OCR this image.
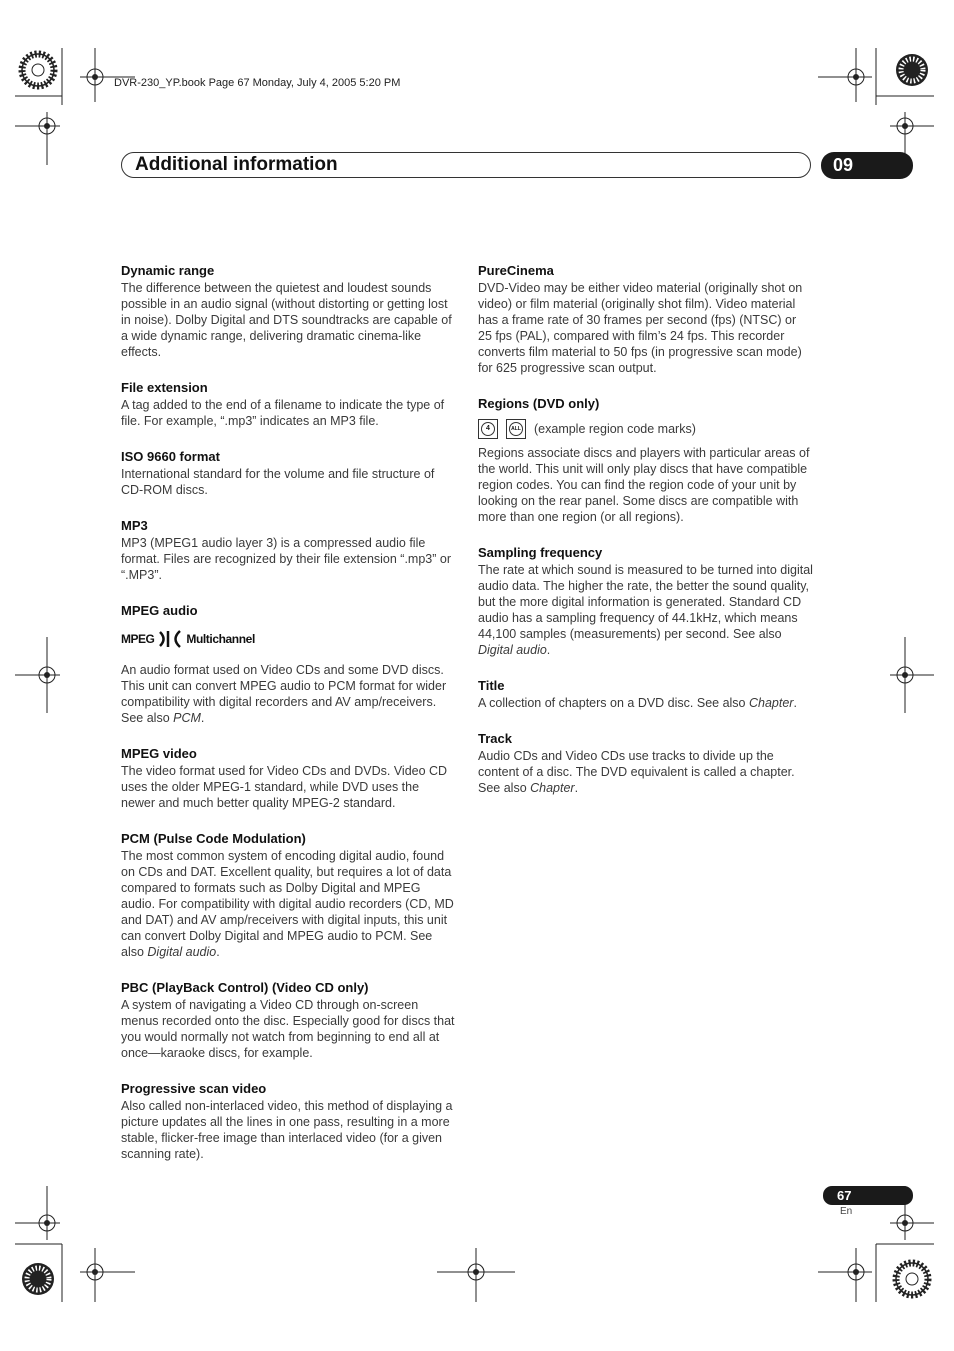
DVR-230_YP.book Page 67 Monday, July 4, 2005 5:20 PM
Additional information	09
Dynamic range

The difference between the quietest and loudest sounds possible in an audio signal (without distorting or getting lost in noise). Dolby Digital and DTS soundtracks are capable of a wide dynamic range, delivering dramatic cinema-like effects.

File extension

A tag added to the end of a filename to indicate the type of file. For example, “.mp3” indicates an MP3 file.

ISO 9660 format

International standard for the volume and file structure of CD-ROM discs.

MP3

MP3 (MPEG1 audio layer 3) is a compressed audio file format. Files are recognized by their file extension “.mp3” or “.MP3”.

MPEG audio
MPEG	Multichannel

An audio format used on Video CDs and some DVD discs. This unit can convert MPEG audio to PCM format for wider compatibility with digital recorders and AV amp/receivers. See also PCM.

MPEG video

The video format used for Video CDs and DVDs. Video CD uses the older MPEG-1 standard, while DVD uses the newer and much better quality MPEG-2 standard.

PCM (Pulse Code Modulation)

The most common system of encoding digital audio, found on CDs and DAT. Excellent quality, but requires a lot of data compared to formats such as Dolby Digital and MPEG audio. For compatibility with digital audio recorders (CD, MD and DAT) and AV amp/receivers with digital inputs, this unit can convert Dolby Digital and MPEG audio to PCM. See also Digital audio.

PBC (PlayBack Control) (Video CD only)

A system of navigating a Video CD through on-screen menus recorded onto the disc. Especially good for discs that you would normally not watch from beginning to end all at once—karaoke discs, for example.

Progressive scan video

Also called non-interlaced video, this method of displaying a picture updates all the lines in one pass, resulting in a more stable, flicker-free image than interlaced video (for a given scanning rate).

PureCinema

DVD-Video may be either video material (originally shot on video) or film material (originally shot film). Video material has a frame rate of 30 frames per second (fps) (NTSC) or 25 fps (PAL), compared with film’s 24 fps. This recorder converts film material to 50 fps (in progressive scan mode) for 625 progressive scan output.

Regions (DVD only)
4	ALL (example region code marks)

Regions associate discs and players with particular areas of the world. This unit will only play discs that have compatible region codes. You can find the region code of your unit by looking on the rear panel. Some discs are compatible with more than one region (or all regions).

Sampling frequency

The rate at which sound is measured to be turned into digital audio data. The higher the rate, the better the sound quality, but the more digital information is generated. Standard CD audio has a sampling frequency of 44.1kHz, which means 44,100 samples (measurements) per second. See also Digital audio.

Title

A collection of chapters on a DVD disc. See also Chapter.

Track

Audio CDs and Video CDs use tracks to divide up the content of a disc. The DVD equivalent is called a chapter. See also Chapter.

67
En
